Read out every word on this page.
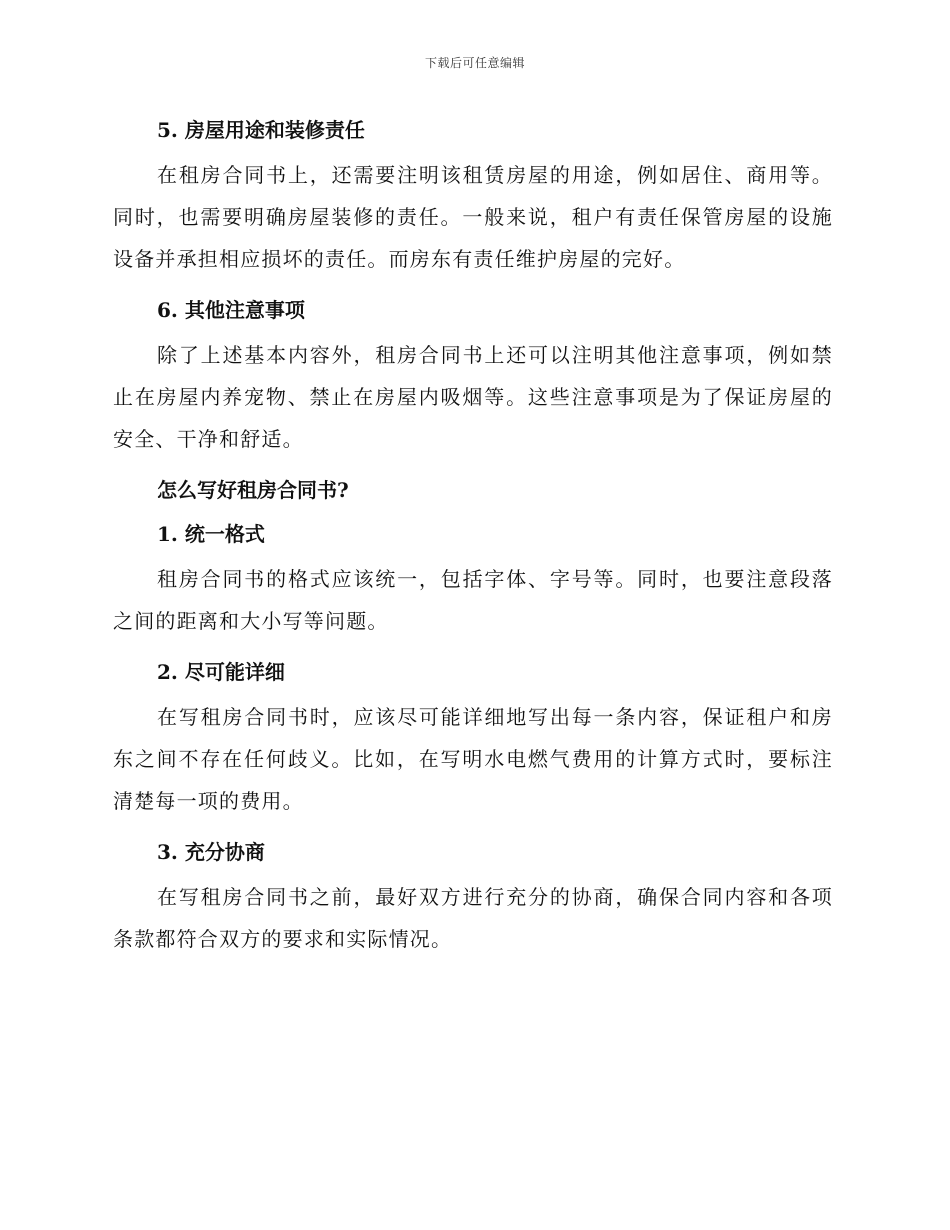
下载后可任意编辑
5. 房屋用途和装修责任

在租房合同书上，还需要注明该租赁房屋的用途，例如居住、商用等。同时，也需要明确房屋装修的责任。一般来说，租户有责任保管房屋的设施设备并承担相应损坏的责任。而房东有责任维护房屋的完好。

6. 其他注意事项

除了上述基本内容外，租房合同书上还可以注明其他注意事项，例如禁止在房屋内养宠物、禁止在房屋内吸烟等。这些注意事项是为了保证房屋的安全、干净和舒适。

怎么写好租房合同书?
1. 统一格式

租房合同书的格式应该统一，包括字体、字号等。同时，也要注意段落之间的距离和大小写等问题。

2. 尽可能详细

在写租房合同书时，应该尽可能详细地写出每一条内容，保证租户和房东之间不存在任何歧义。比如，在写明水电燃气费用的计算方式时，要标注清楚每一项的费用。

3. 充分协商

在写租房合同书之前，最好双方进行充分的协商，确保合同内容和各项条款都符合双方的要求和实际情况。
